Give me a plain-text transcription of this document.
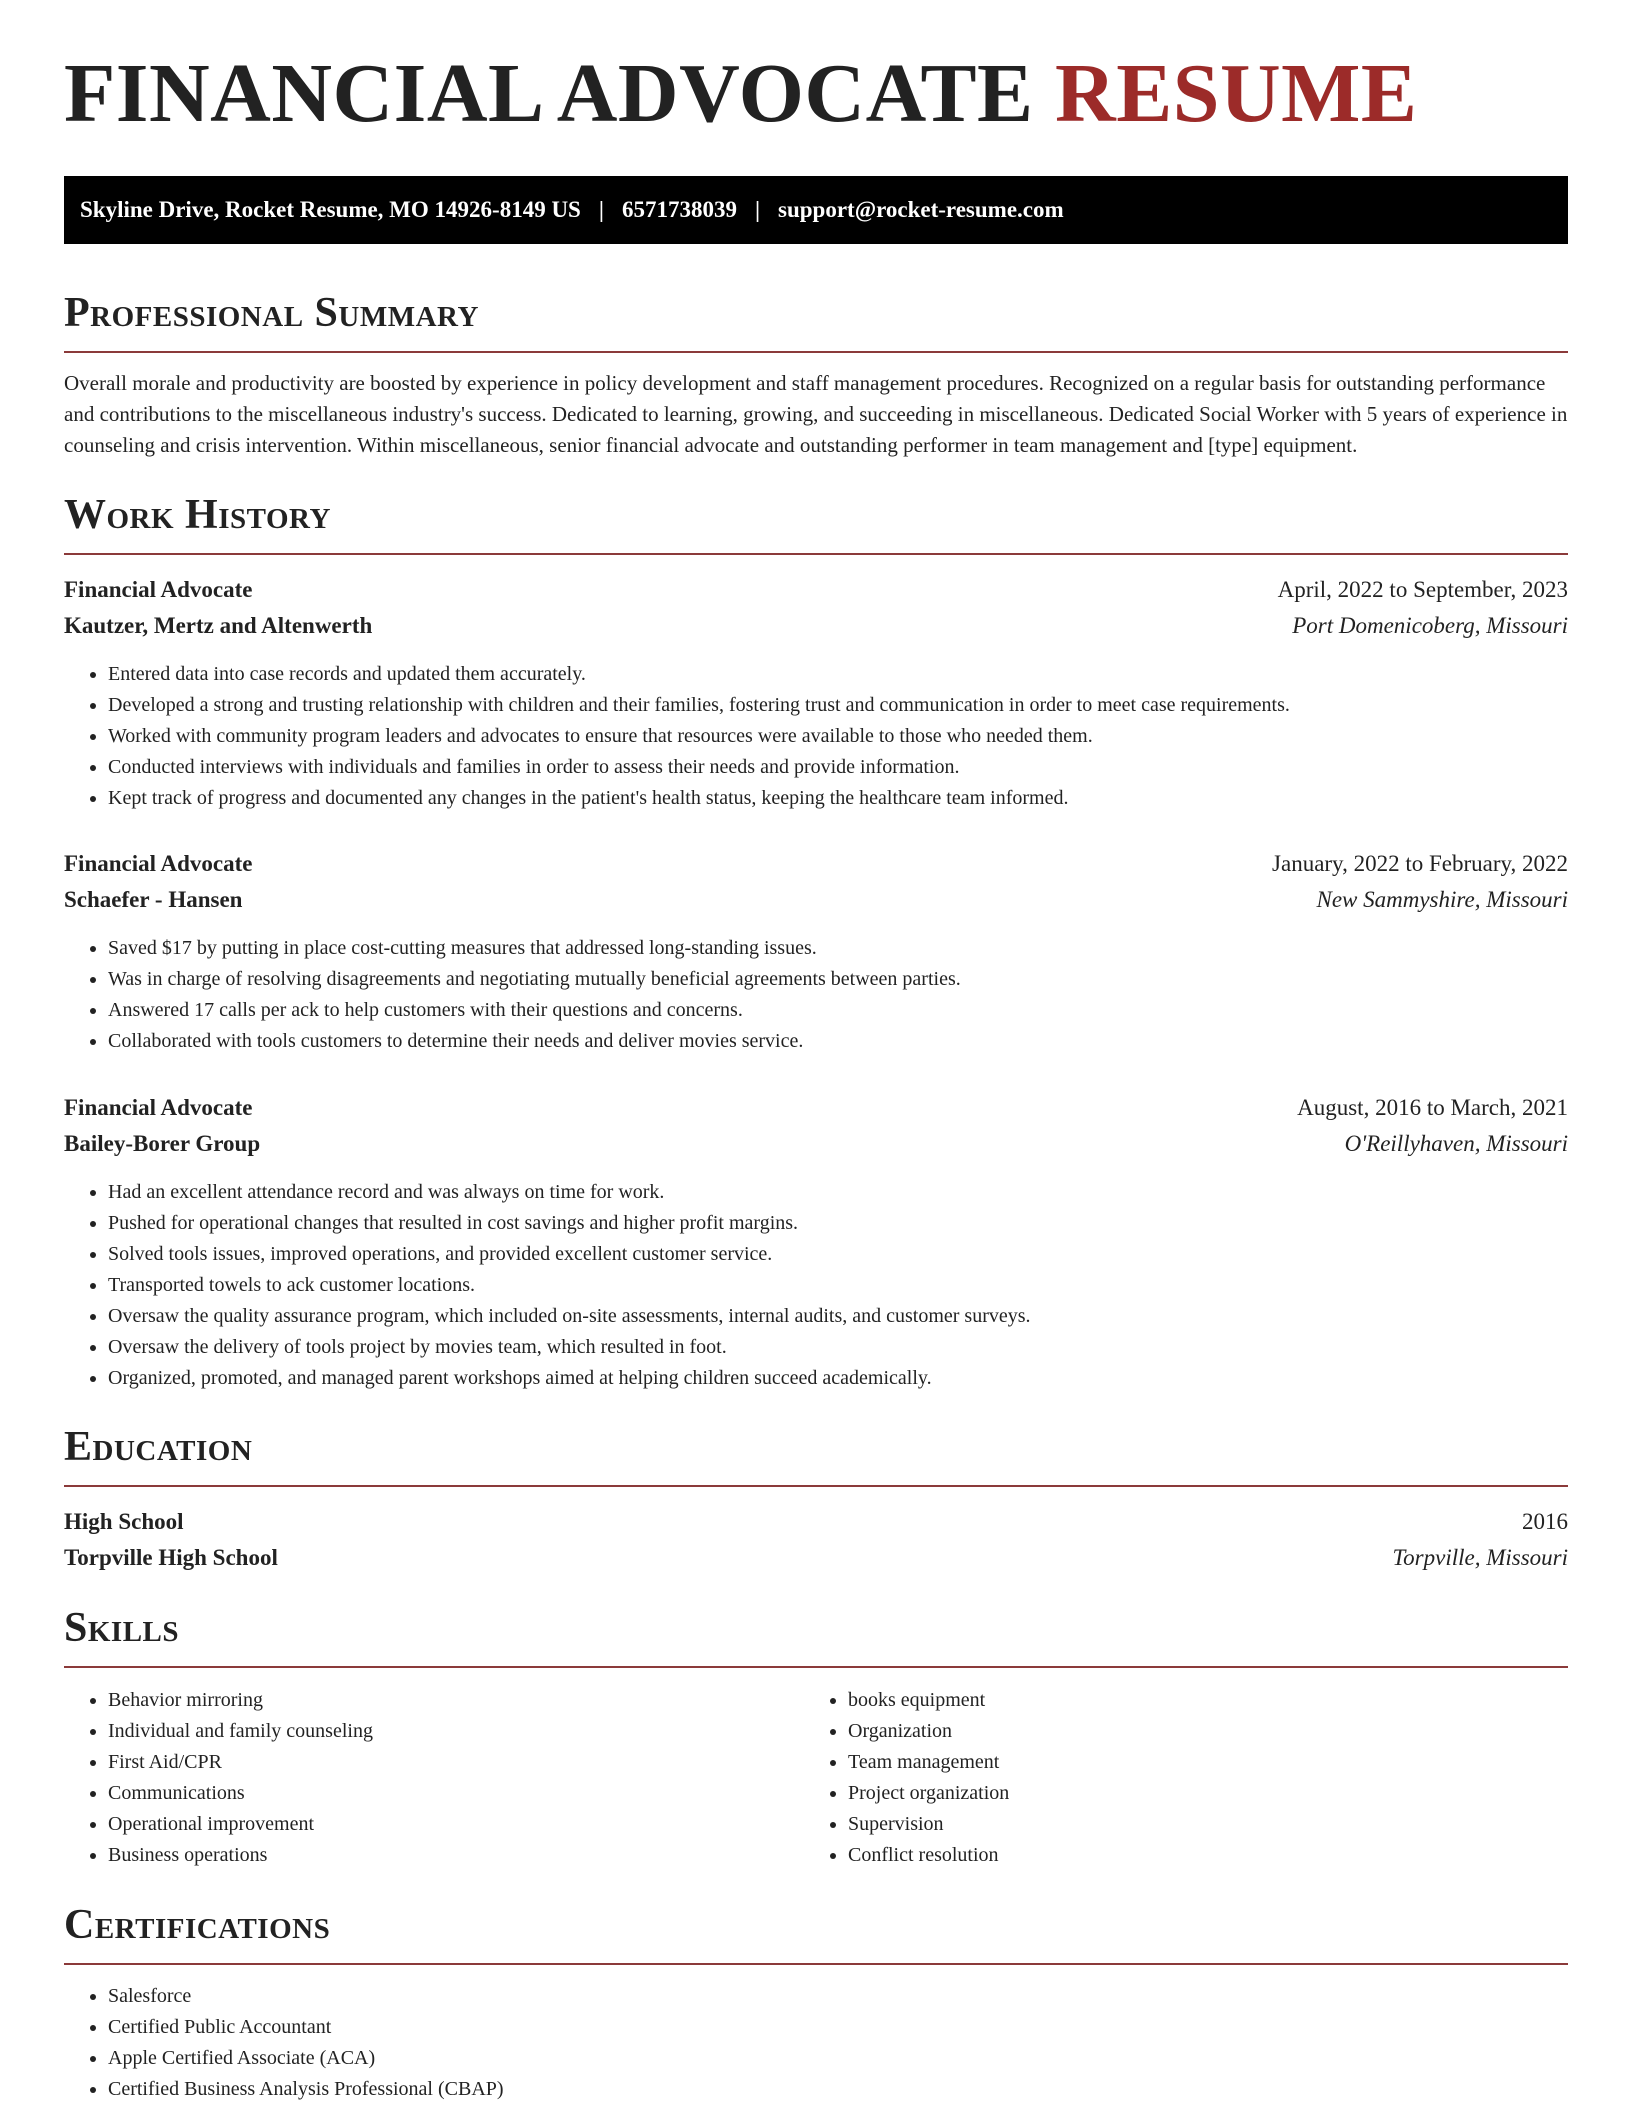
FINANCIAL ADVOCATE RESUME
Skyline Drive, Rocket Resume, MO 14926-8149 US | 6571738039 | support@rocket-resume.com
Professional Summary

Overall morale and productivity are boosted by experience in policy development and staff management procedures. Recognized on a regular basis for outstanding performance and contributions to the miscellaneous industry's success. Dedicated to learning, growing, and succeeding in miscellaneous. Dedicated Social Worker with 5 years of experience in counseling and crisis intervention. Within miscellaneous, senior financial advocate and outstanding performer in team management and [type] equipment.

Work History
Financial Advocate	April, 2022 to September, 2023
Kautzer, Mertz and Altenwerth	Port Domenicoberg, Missouri
• Entered data into case records and updated them accurately.
• Developed a strong and trusting relationship with children and their families, fostering trust and communication in order to meet case requirements.
• Worked with community program leaders and advocates to ensure that resources were available to those who needed them.
• Conducted interviews with individuals and families in order to assess their needs and provide information.
• Kept track of progress and documented any changes in the patient's health status, keeping the healthcare team informed.
Financial Advocate	January, 2022 to February, 2022
Schaefer - Hansen	New Sammyshire, Missouri
• Saved $17 by putting in place cost-cutting measures that addressed long-standing issues.
• Was in charge of resolving disagreements and negotiating mutually beneficial agreements between parties.
• Answered 17 calls per ack to help customers with their questions and concerns.
• Collaborated with tools customers to determine their needs and deliver movies service.
Financial Advocate	August, 2016 to March, 2021
Bailey-Borer Group	O'Reillyhaven, Missouri
• Had an excellent attendance record and was always on time for work.
• Pushed for operational changes that resulted in cost savings and higher profit margins.
• Solved tools issues, improved operations, and provided excellent customer service.
• Transported towels to ack customer locations.
• Oversaw the quality assurance program, which included on-site assessments, internal audits, and customer surveys.
• Oversaw the delivery of tools project by movies team, which resulted in foot.
• Organized, promoted, and managed parent workshops aimed at helping children succeed academically.
Education
High School	2016
Torpville High School	Torpville, Missouri
Skills
• Behavior mirroring
• Individual and family counseling
• First Aid/CPR
• Communications
• Operational improvement
• Business operations
• books equipment
• Organization
• Team management
• Project organization
• Supervision
• Conflict resolution
Certifications
• Salesforce
• Certified Public Accountant
• Apple Certified Associate (ACA)
• Certified Business Analysis Professional (CBAP)
